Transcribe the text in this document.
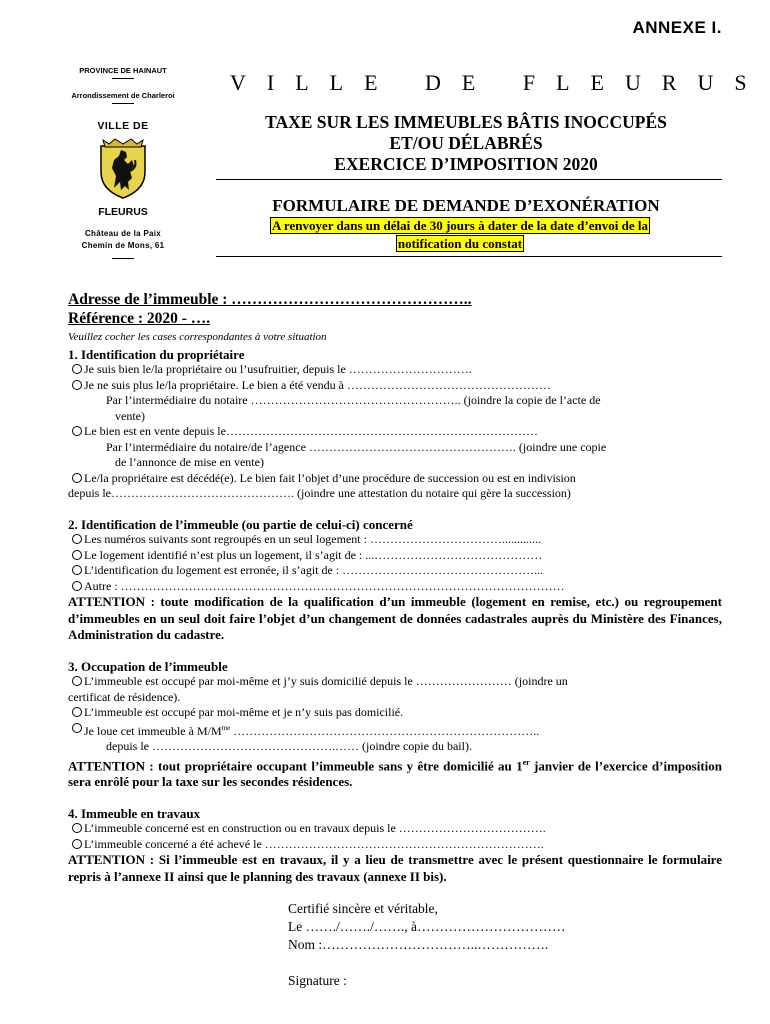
ANNEXE I.
PROVINCE DE HAINAUT
Arrondissement de Charleroi
VILLE DE
FLEURUS
Château de la Paix
Chemin de Mons, 61
VILLE DE FLEURUS
TAXE SUR LES IMMEUBLES BÂTIS INOCCUPÉS
ET/OU DÉLABRÉS
EXERCICE D’IMPOSITION 2020
FORMULAIRE DE DEMANDE D’EXONÉRATION
A renvoyer dans un délai de 30 jours à dater de la date d’envoi de la
notification du constat
Adresse de l’immeuble : ………………………………………..
Référence : 2020 - ….
Veuillez cocher les cases correspondantes à votre situation
1. Identification du propriétaire
Je suis bien le/la propriétaire ou l’usufruitier, depuis le ………………………….
Je ne suis plus le/la propriétaire. Le bien a été vendu à ……………………………………………
Par l’intermédiaire du notaire …………………………………………….. (joindre la copie de l’acte de
vente)
Le bien est en vente depuis le……………………………………………………………………
Par l’intermédiaire du notaire/de l’agence ……………………………………………. (joindre une copie
de l’annonce de mise en vente)
Le/la propriétaire est décédé(e). Le bien fait l’objet d’une procédure de succession ou est en indivision
depuis le………………………………………. (joindre une attestation du notaire qui gère la succession)
2. Identification de l’immeuble (ou partie de celui-ci) concerné
Les numéros suivants sont regroupés en un seul logement : …………………………….............
Le logement identifié n’est plus un logement, il s’agit de : ...……………………………………
L’identification du logement est erronée, il s’agit de : …………………………………………...
Autre : …………………………………………………………………………………………………
ATTENTION : toute modification de la qualification d’un immeuble (logement en remise, etc.) ou regroupement d’immeubles en un seul doit faire l’objet d’un changement de données cadastrales auprès du Ministère des Finances, Administration du cadastre.
3. Occupation de l’immeuble
L’immeuble est occupé par moi-même et j’y suis domicilié depuis le …………………… (joindre un
certificat de résidence).
L’immeuble est occupé par moi-même et je n’y suis pas domicilié.
Je loue cet immeuble à $M/M^{me}$ …………………………………………………………………..
depuis le ……………………………………….…… (joindre copie du bail).
ATTENTION : tout propriétaire occupant l’immeuble sans y être domicilié au 1er janvier de l’exercice d’imposition sera enrôlé pour la taxe sur les secondes résidences.
4. Immeuble en travaux
L’immeuble concerné est en construction ou en travaux depuis le ……………………………….
L’immeuble concerné a été achevé le …………………………………………………………….
ATTENTION : Si l’immeuble est en travaux, il y a lieu de transmettre avec le présent questionnaire le formulaire repris à l’annexe II ainsi que le planning des travaux (annexe II bis).
Certifié sincère et véritable,
Le ……./……./……., à……………………………
Nom :……………………………..…………….
Signature :
